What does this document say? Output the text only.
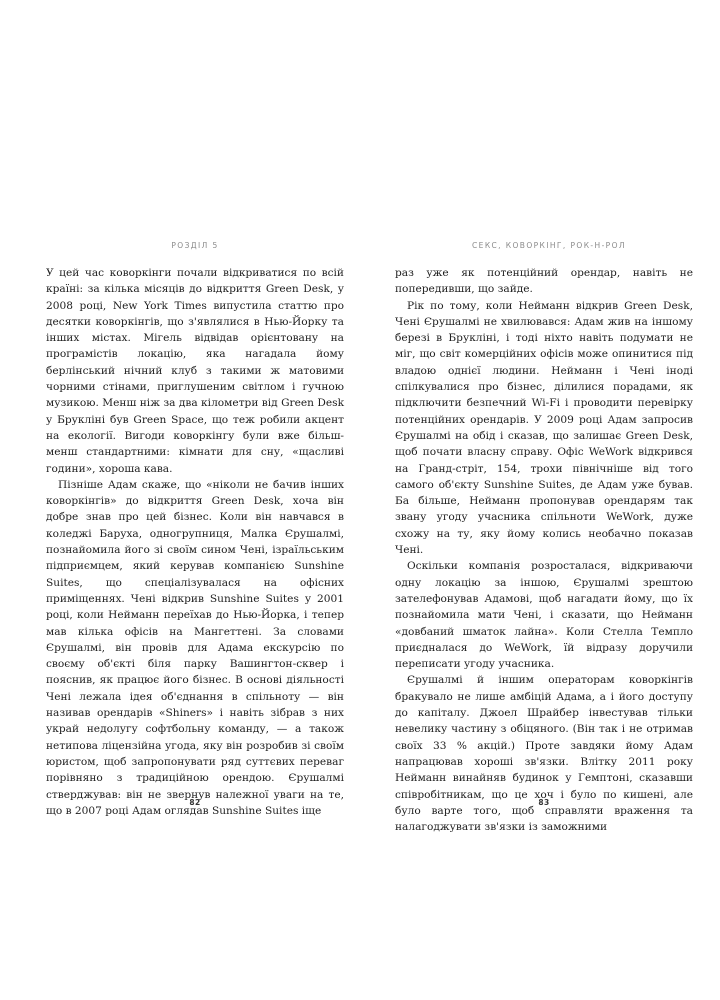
РОЗДІЛ 5

У цей час коворкінги почали відкриватися по всій країні: за кілька місяців до відкриття Green Desk, у 2008 році, New York Times випустила статтю про десятки коворкінгів, що з'являлися в Нью-Йорку та інших містах. Мігель відвідав орієнтовану на програмістів локацію, яка нагадала йому берлінський нічний клуб з такими ж матовими чорними стінами, приглушеним світлом і гучною музикою. Менш ніж за два кілометри від Green Desk у Брукліні був Green Space, що теж робили акцент на екології. Вигоди коворкінгу були вже більш-менш стандартними: кімнати для сну, «щасливі години», хороша кава.

Пізніше Адам скаже, що «ніколи не бачив інших коворкінгів» до відкриття Green Desk, хоча він добре знав про цей бізнес. Коли він навчався в коледжі Баруха, одногрупниця, Малка Єрушалмі, познайомила його зі своїм сином Чені, ізраїльським підприємцем, який керував компанією Sunshine Suites, що спеціалізувалася на офісних приміщеннях. Чені відкрив Sunshine Suites у 2001 році, коли Нейманн переїхав до Нью-Йорка, і тепер мав кілька офісів на Мангеттені. За словами Єрушалмі, він провів для Адама екскурсію по своєму об'єкті біля парку Вашингтон-сквер і пояснив, як працює його бізнес. В основі діяльності Чені лежала ідея об'єднання в спільноту — він називав орендарів «Shiners» і навіть зібрав з них украй недолугу софтбольну команду, — а також нетипова ліцензійна угода, яку він розробив зі своїм юристом, щоб запропонувати ряд суттєвих переваг порівняно з традиційною орендою. Єрушалмі стверджував: він не звернув належної уваги на те, що в 2007 році Адам оглядав Sunshine Suites іще

82
СЕКС, КОВОРКІНГ, РОК-Н-РОЛ

раз уже як потенційний орендар, навіть не попередивши, що зайде.

Рік по тому, коли Нейманн відкрив Green Desk, Чені Єрушалмі не хвилювався: Адам жив на іншому березі в Брукліні, і тоді ніхто навіть подумати не міг, що світ комерційних офісів може опинитися під владою однієї людини. Нейманн і Чені іноді спілкувалися про бізнес, ділилися порадами, як підключити безпечний Wi-Fi і проводити перевірку потенційних орендарів. У 2009 році Адам запросив Єрушалмі на обід і сказав, що залишає Green Desk, щоб почати власну справу. Офіс WeWork відкрився на Гранд-стріт, 154, трохи північніше від того самого об'єкту Sunshine Suites, де Адам уже бував. Ба більше, Нейманн пропонував орендарям так звану угоду учасника спільноти WeWork, дуже схожу на ту, яку йому колись необачно показав Чені.

Оскільки компанія розросталася, відкриваючи одну локацію за іншою, Єрушалмі зрештою зателефонував Адамові, щоб нагадати йому, що їх познайомила мати Чені, і сказати, що Нейманн «довбаний шматок лайна». Коли Стелла Темпло приєдналася до WeWork, їй відразу доручили переписати угоду учасника.

Єрушалмі й іншим операторам коворкінгів бракувало не лише амбіцій Адама, а і його доступу до капіталу. Джоел Шрайбер інвестував тільки невелику частину з обіцяного. (Він так і не отримав своїх 33 % акцій.) Проте завдяки йому Адам напрацював хороші зв'язки. Влітку 2011 року Нейманн винайняв будинок у Гемптоні, сказавши співробітникам, що це хоч і було по кишені, але було варте того, щоб справляти враження та налагоджувати зв'язки із заможними

83
